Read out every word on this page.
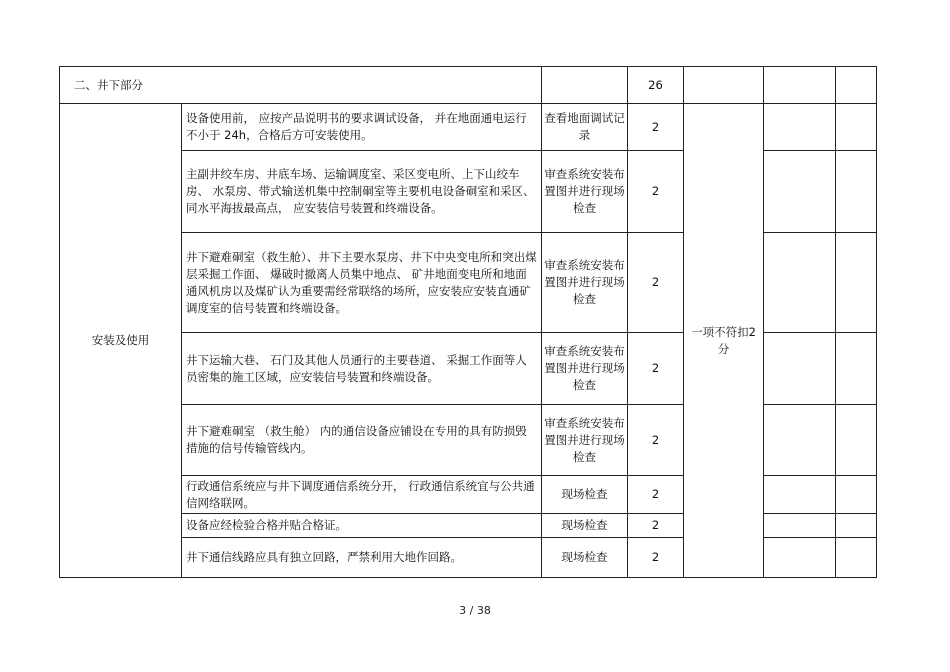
二、井下部分			26			
安装及使用	设备使用前， 应按产品说明书的要求调试设备， 并在地面通电运行不小于 24h，合格后方可安装使用。	查看地面调试记录	2	一项不符扣2分		
	主副井绞车房、井底车场、运输调度室、采区变电所、上下山绞车房、 水泵房、带式输送机集中控制硐室等主要机电设备硐室和采区、 同水平海拔最高点， 应安装信号装置和终端设备。	审查系统安装布置图并进行现场检查	2			
	井下避难硐室（救生舱）、井下主要水泵房、井下中央变电所和突出煤层采掘工作面、 爆破时撤离人员集中地点、 矿井地面变电所和地面通风机房以及煤矿认为重要需经常联络的场所，应安装应安装直通矿调度室的信号装置和终端设备。	审查系统安装布置图并进行现场检查	2			
	井下运输大巷、 石门及其他人员通行的主要巷道、 采掘工作面等人员密集的施工区域，应安装信号装置和终端设备。	审查系统安装布置图并进行现场检查	2			
	井下避难硐室 （救生舱） 内的通信设备应铺设在专用的具有防损毁措施的信号传输管线内。	审查系统安装布置图并进行现场检查	2			
	行政通信系统应与井下调度通信系统分开， 行政通信系统宜与公共通信网络联网。	现场检查	2			
	设备应经检验合格并贴合格证。	现场检查	2			
	井下通信线路应具有独立回路，严禁利用大地作回路。	现场检查	2			
3 / 38
